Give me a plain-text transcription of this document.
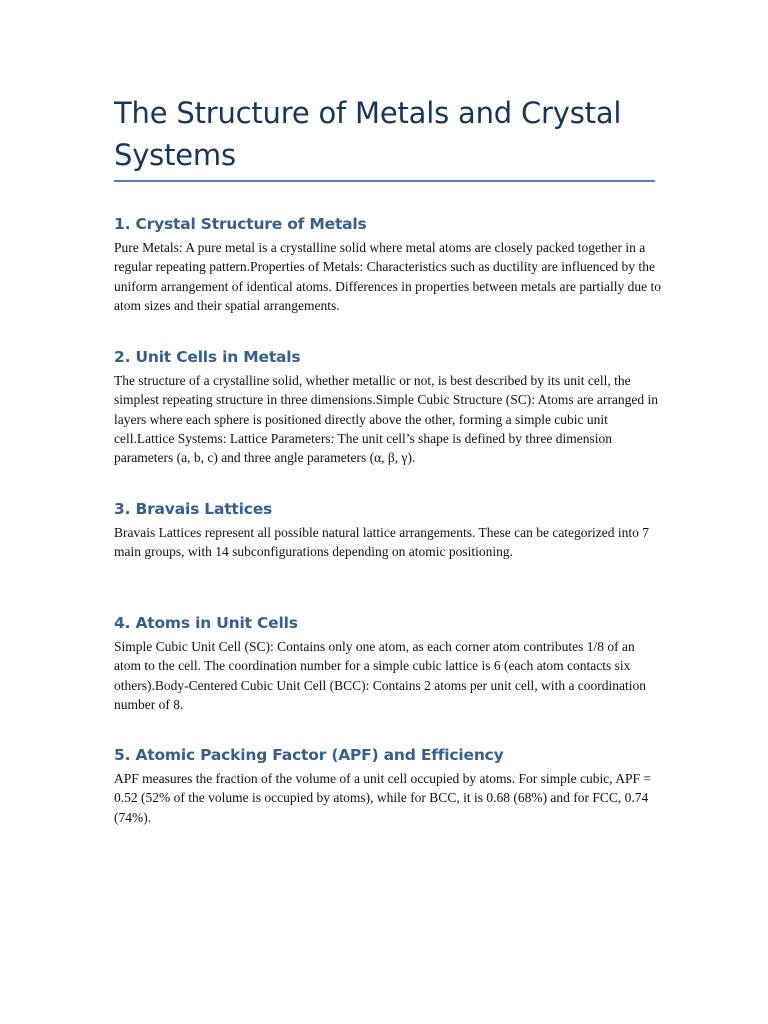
The Structure of Metals and Crystal Systems
1. Crystal Structure of Metals

Pure Metals: A pure metal is a crystalline solid where metal atoms are closely packed together in a regular repeating pattern.Properties of Metals: Characteristics such as ductility are influenced by the uniform arrangement of identical atoms. Differences in properties between metals are partially due to atom sizes and their spatial arrangements.

2. Unit Cells in Metals

The structure of a crystalline solid, whether metallic or not, is best described by its unit cell, the simplest repeating structure in three dimensions.Simple Cubic Structure (SC): Atoms are arranged in layers where each sphere is positioned directly above the other, forming a simple cubic unit cell.Lattice Systems: Lattice Parameters: The unit cell’s shape is defined by three dimension parameters (a, b, c) and three angle parameters (α, β, γ).

3. Bravais Lattices

Bravais Lattices represent all possible natural lattice arrangements. These can be categorized into 7 main groups, with 14 subconfigurations depending on atomic positioning.

4. Atoms in Unit Cells

Simple Cubic Unit Cell (SC): Contains only one atom, as each corner atom contributes 1/8 of an atom to the cell. The coordination number for a simple cubic lattice is 6 (each atom contacts six others).Body-Centered Cubic Unit Cell (BCC): Contains 2 atoms per unit cell, with a coordination number of 8.

5. Atomic Packing Factor (APF) and Efficiency

APF measures the fraction of the volume of a unit cell occupied by atoms. For simple cubic, APF = 0.52 (52% of the volume is occupied by atoms), while for BCC, it is 0.68 (68%) and for FCC, 0.74 (74%).
